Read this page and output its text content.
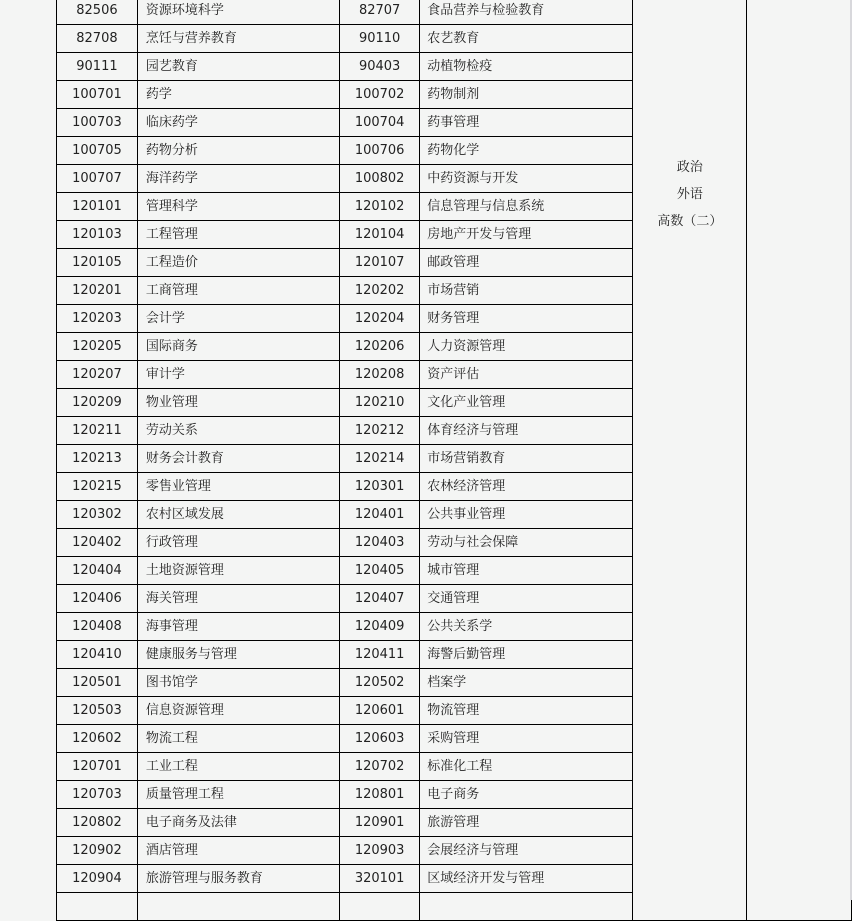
82506	资源环境科学	82707	食品营养与检验教育	政治
外语
高数（二）	

82708	烹饪与营养教育	90110	农艺教育		
90111	园艺教育	90403	动植物检疫		
100701	药学	100702	药物制剂		
100703	临床药学	100704	药事管理		
100705	药物分析	100706	药物化学		
100707	海洋药学	100802	中药资源与开发		
120101	管理科学	120102	信息管理与信息系统		
120103	工程管理	120104	房地产开发与管理		
120105	工程造价	120107	邮政管理		
120201	工商管理	120202	市场营销		
120203	会计学	120204	财务管理		
120205	国际商务	120206	人力资源管理		
120207	审计学	120208	资产评估		
120209	物业管理	120210	文化产业管理		
120211	劳动关系	120212	体育经济与管理		
120213	财务会计教育	120214	市场营销教育		
120215	零售业管理	120301	农林经济管理		
120302	农村区域发展	120401	公共事业管理		
120402	行政管理	120403	劳动与社会保障		
120404	土地资源管理	120405	城市管理		
120406	海关管理	120407	交通管理		
120408	海事管理	120409	公共关系学		
120410	健康服务与管理	120411	海警后勤管理		
120501	图书馆学	120502	档案学		
120503	信息资源管理	120601	物流管理		
120602	物流工程	120603	采购管理		
120701	工业工程	120702	标准化工程		
120703	质量管理工程	120801	电子商务		
120802	电子商务及法律	120901	旅游管理		
120902	酒店管理	120903	会展经济与管理		
120904	旅游管理与服务教育	320101	区域经济开发与管理		
